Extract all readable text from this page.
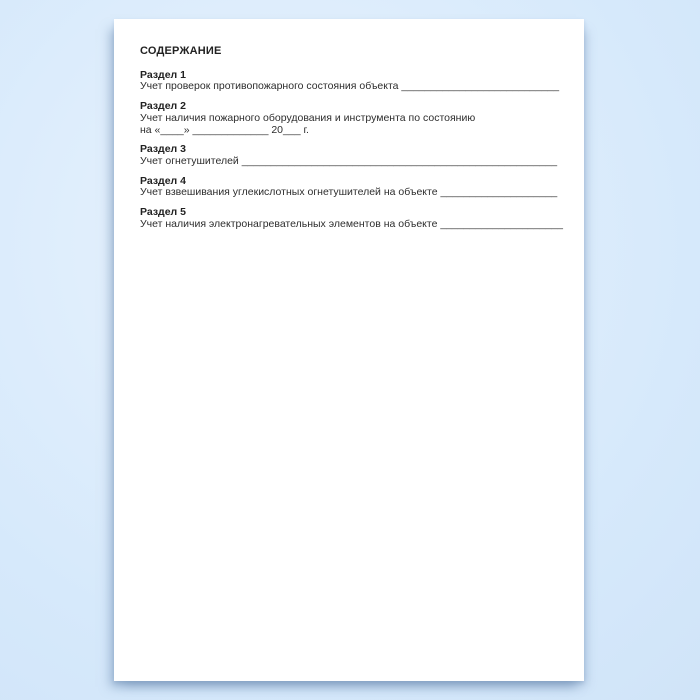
СОДЕРЖАНИЕ
Раздел 1
Учет проверок противопожарного состояния объекта ___________________________
Раздел 2
Учет наличия пожарного оборудования и инструмента по состоянию
на «____» _____________ 20___ г.
Раздел 3
Учет огнетушителей ______________________________________________________
Раздел 4
Учет взвешивания углекислотных огнетушителей на объекте ____________________
Раздел 5
Учет наличия электронагревательных элементов на объекте _____________________
